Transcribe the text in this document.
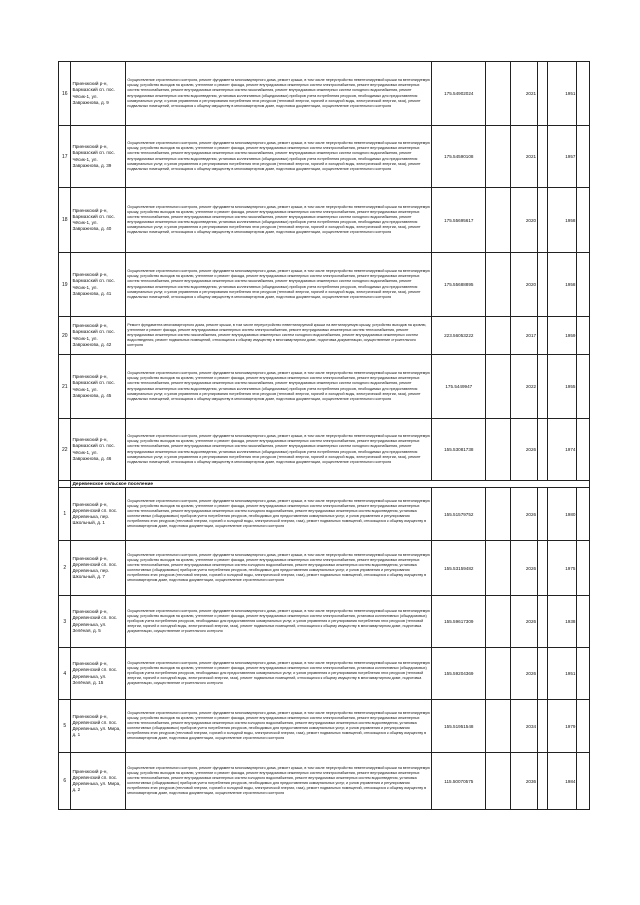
16	Приенжский р-н, Бармазский сп. пос. Чёсик-1, ул. Завражнова, д. 9	Осуществление строительного контроля, ремонт фундамента многоквартирного дома, ремонт крыши, в том числе переустройство невентилируемой крыши на вентилируемую крышу, устройство выходов на кровлю, утепление и ремонт фасада, ремонт внутридомовых инженерных систем электроснабжения, ремонт внутридомовых инженерных систем теплоснабжения, ремонт внутридомовых инженерных систем газоснабжения, ремонт внутридомовых инженерных систем холодного водоснабжения, ремонт внутридомовых инженерных систем водоотведения, установка коллективных (общедомовых) приборов учета потребления ресурсов, необходимых для предоставления коммунальных услуг, и узлов управления и регулирования потребления этих ресурсов (тепловой энергии, горячей и холодной воды, электрической энергии, газа), ремонт подвальных помещений, относящихся к общему имуществу в многоквартирном доме, подготовка документации, осуществление строительного контроля	175.54902024		2021		1951	
17	Приенжский р-н, Бармазский сп. пос. Чёсик-1, ул. Завражнова, д. 39	Осуществление строительного контроля, ремонт фундамента многоквартирного дома, ремонт крыши, в том числе переустройство невентилируемой крыши на вентилируемую крышу, устройство выходов на кровлю, утепление и ремонт фасада, ремонт внутридомовых инженерных систем электроснабжения, ремонт внутридомовых инженерных систем теплоснабжения, ремонт внутридомовых инженерных систем газоснабжения, ремонт внутридомовых инженерных систем холодного водоснабжения, ремонт внутридомовых инженерных систем водоотведения, установка коллективных (общедомовых) приборов учета потребления ресурсов, необходимых для предоставления коммунальных услуг, и узлов управления и регулирования потребления этих ресурсов (тепловой энергии, горячей и холодной воды, электрической энергии, газа), ремонт подвальных помещений, относящихся к общему имуществу в многоквартирном доме, подготовка документации, осуществление строительного контроля	175.54590108		2021		1957	
18	Приенжский р-н, Бармазский сп. пос. Чёсик-1, ул. Завражнова, д. 40	Осуществление строительного контроля, ремонт фундамента многоквартирного дома, ремонт крыши, в том числе переустройство невентилируемой крыши на вентилируемую крышу, устройство выходов на кровлю, утепление и ремонт фасада, ремонт внутридомовых инженерных систем электроснабжения, ремонт внутридомовых инженерных систем теплоснабжения, ремонт внутридомовых инженерных систем газоснабжения, ремонт внутридомовых инженерных систем холодного водоснабжения, ремонт внутридомовых инженерных систем водоотведения, установка коллективных (общедомовых) приборов учета потребления ресурсов, необходимых для предоставления коммунальных услуг, и узлов управления и регулирования потребления этих ресурсов (тепловой энергии, горячей и холодной воды, электрической энергии, газа), ремонт подвальных помещений, относящихся к общему имуществу в многоквартирном доме, подготовка документации, осуществление строительного контроля	175.55695617		2020		1958	
19	Приенжский р-н, Бармазский сп. пос. Чёсик-1, ул. Завражнова, д. 41	Осуществление строительного контроля, ремонт фундамента многоквартирного дома, ремонт крыши, в том числе переустройство невентилируемой крыши на вентилируемую крышу, устройство выходов на кровлю, утепление и ремонт фасада, ремонт внутридомовых инженерных систем электроснабжения, ремонт внутридомовых инженерных систем теплоснабжения, ремонт внутридомовых инженерных систем газоснабжения, ремонт внутридомовых инженерных систем холодного водоснабжения, ремонт внутридомовых инженерных систем водоотведения, установка коллективных (общедомовых) приборов учета потребления ресурсов, необходимых для предоставления коммунальных услуг, и узлов управления и регулирования потребления этих ресурсов (тепловой энергии, горячей и холодной воды, электрической энергии, газа), ремонт подвальных помещений, относящихся к общему имуществу в многоквартирном доме, подготовка документации, осуществление строительного контроля	175.55688895		2020		1958	
20	Приенжский р-н, Бармазский сп. пос. Чёсик-1, ул. Завражнова, д. 42	Ремонт фундамента многоквартирного дома, ремонт крыши, в том числе переустройство невентилируемой крыши на вентилируемую крышу, устройство выходов на кровлю, утепление и ремонт фасада, ремонт внутридомовых инженерных систем электроснабжения, ремонт внутридомовых инженерных систем теплоснабжения, ремонт внутридомовых инженерных систем газоснабжения, ремонт внутридомовых инженерных систем холодного водоснабжения, ремонт внутридомовых инженерных систем водоотведения, ремонт подвальных помещений, относящихся к общему имуществу в многоквартирном доме, подготовка документации, осуществление строительного контроля	223.56053222		2017		1959	
21	Приенжский р-н, Бармазский сп. пос. Чёсик-1, ул. Завражнова, д. 45	Осуществление строительного контроля, ремонт фундамента многоквартирного дома, ремонт крыши, в том числе переустройство невентилируемой крыши на вентилируемую крышу, устройство выходов на кровлю, утепление и ремонт фасада, ремонт внутридомовых инженерных систем электроснабжения, ремонт внутридомовых инженерных систем теплоснабжения, ремонт внутридомовых инженерных систем газоснабжения, ремонт внутридомовых инженерных систем холодного водоснабжения, ремонт внутридомовых инженерных систем водоотведения, установка коллективных (общедомовых) приборов учета потребления ресурсов, необходимых для предоставления коммунальных услуг, и узлов управления и регулирования потребления этих ресурсов (тепловой энергии, горячей и холодной воды, электрической энергии, газа), ремонт подвальных помещений, относящихся к общему имуществу в многоквартирном доме, подготовка документации, осуществление строительного контроля	175.5449947		2022		1955	
22	Приенжский р-н, Бармазский сп. пос. Чёсик-1, ул. Завражнова, д. 46	Осуществление строительного контроля, ремонт фундамента многоквартирного дома, ремонт крыши, в том числе переустройство невентилируемой крыши на вентилируемую крышу, устройство выходов на кровлю, утепление и ремонт фасада, ремонт внутридомовых инженерных систем электроснабжения, ремонт внутридомовых инженерных систем теплоснабжения, ремонт внутридомовых инженерных систем газоснабжения, ремонт внутридомовых инженерных систем холодного водоснабжения, ремонт внутридомовых инженерных систем водоотведения, установка коллективных (общедомовых) приборов учета потребления ресурсов, необходимых для предоставления коммунальных услуг, и узлов управления и регулирования потребления этих ресурсов (тепловой энергии, горячей и холодной воды, электрической энергии, газа), ремонт подвальных помещений, относящихся к общему имуществу в многоквартирном доме, подготовка документации, осуществление строительного контроля	155.53081738		2026		1974	
	Деревенское сельское поселение							
1	Приенжский р-н, Деревенский сп. пос. Деревенька, пер. Школьный, д. 1	Осуществление строительного контроля, ремонт фундамента многоквартирного дома, ремонт крыши, в том числе переустройство невентилируемой крыши на вентилируемую крышу, устройство выходов на кровлю, утепление и ремонт фасада, ремонт внутридомовых инженерных систем электроснабжения, ремонт внутридомовых инженерных систем теплоснабжения, ремонт внутридомовых инженерных систем холодного водоснабжения, ремонт внутридомовых инженерных систем водоотведения, установка коллективных (общедомовых) приборов учета потребления ресурсов, необходимых для предоставления коммунальных услуг, и узлов управления и регулирования потребления этих ресурсов (тепловой энергии, горячей и холодной воды, электрической энергии, газа), ремонт подвальных помещений, относящихся к общему имуществу в многоквартирном доме, подготовка документации, осуществление строительного контроля	155.51579752		2026		1980	
2	Приенжский р-н, Деревенский сп. пос. Деревенька, пер. Школьный, д. 7	Осуществление строительного контроля, ремонт фундамента многоквартирного дома, ремонт крыши, в том числе переустройство невентилируемой крыши на вентилируемую крышу, устройство выходов на кровлю, утепление и ремонт фасада, ремонт внутридомовых инженерных систем электроснабжения, ремонт внутридомовых инженерных систем теплоснабжения, ремонт внутридомовых инженерных систем холодного водоснабжения, ремонт внутридомовых инженерных систем водоотведения, установка коллективных (общедомовых) приборов учета потребления ресурсов, необходимых для предоставления коммунальных услуг, и узлов управления и регулирования потребления этих ресурсов (тепловой энергии, горячей и холодной воды, электрической энергии, газа), ремонт подвальных помещений, относящихся к общему имуществу в многоквартирном доме, подготовка документации, осуществление строительного контроля	155.53159482		2026		1975	
3	Приенжский р-н, Деревенский сп. пос. Деревенька, ул. Зелёная, д. 5	Осуществление строительного контроля, ремонт фундамента многоквартирного дома, ремонт крыши, в том числе переустройство невентилируемой крыши на вентилируемую крышу, устройство выходов на кровлю, утепление и ремонт фасада, ремонт внутридомовых инженерных систем электроснабжения, установка коллективных (общедомовых) приборов учета потребления ресурсов, необходимых для предоставления коммунальных услуг, и узлов управления и регулирования потребления этих ресурсов (тепловой энергии, горячей и холодной воды, электрической энергии, газа), ремонт подвальных помещений, относящихся к общему имуществу в многоквартирном доме, подготовка документации, осуществление строительного контроля	155.59617309		2026		1938	
4	Приенжский р-н, Деревенский сп. пос. Деревенька, ул. Зелёная, д. 15	Осуществление строительного контроля, ремонт фундамента многоквартирного дома, ремонт крыши, в том числе переустройство невентилируемой крыши на вентилируемую крышу, устройство выходов на кровлю, утепление и ремонт фасада, ремонт внутридомовых инженерных систем электроснабжения, установка коллективных (общедомовых) приборов учета потребления ресурсов, необходимых для предоставления коммунальных услуг, и узлов управления и регулирования потребления этих ресурсов (тепловой энергии, горячей и холодной воды, электрической энергии, газа), ремонт подвальных помещений, относящихся к общему имуществу в многоквартирном доме, подготовка документации, осуществление строительного контроля	155.59204369		2026		1951	
5	Приенжский р-н, Деревенский сп. пос. Деревенька, ул. Мира, д. 1	Осуществление строительного контроля, ремонт фундамента многоквартирного дома, ремонт крыши, в том числе переустройство невентилируемой крыши на вентилируемую крышу, устройство выходов на кровлю, утепление и ремонт фасада, ремонт внутридомовых инженерных систем электроснабжения, ремонт внутридомовых инженерных систем теплоснабжения, ремонт внутридомовых инженерных систем холодного водоснабжения, ремонт внутридомовых инженерных систем водоотведения, установка коллективных (общедомовых) приборов учета потребления ресурсов, необходимых для предоставления коммунальных услуг, и узлов управления и регулирования потребления этих ресурсов (тепловой энергии, горячей и холодной воды, электрической энергии, газа), ремонт подвальных помещений, относящихся к общему имуществу в многоквартирном доме, подготовка документации, осуществление строительного контроля	155.51951548		2034		1979	
6	Приенжский р-н, Деревенский сп. пос. Деревенька, ул. Мира, д. 2	Осуществление строительного контроля, ремонт фундамента многоквартирного дома, ремонт крыши, в том числе переустройство невентилируемой крыши на вентилируемую крышу, устройство выходов на кровлю, утепление и ремонт фасада, ремонт внутридомовых инженерных систем электроснабжения, ремонт внутридомовых инженерных систем теплоснабжения, ремонт внутридомовых инженерных систем холодного водоснабжения, ремонт внутридомовых инженерных систем водоотведения, установка коллективных (общедомовых) приборов учета потребления ресурсов, необходимых для предоставления коммунальных услуг, и узлов управления и регулирования потребления этих ресурсов (тепловой энергии, горячей и холодной воды, электрической энергии, газа), ремонт подвальных помещений, относящихся к общему имуществу в многоквартирном доме, подготовка документации, осуществление строительного контроля	115.50070575		2036		1984	
